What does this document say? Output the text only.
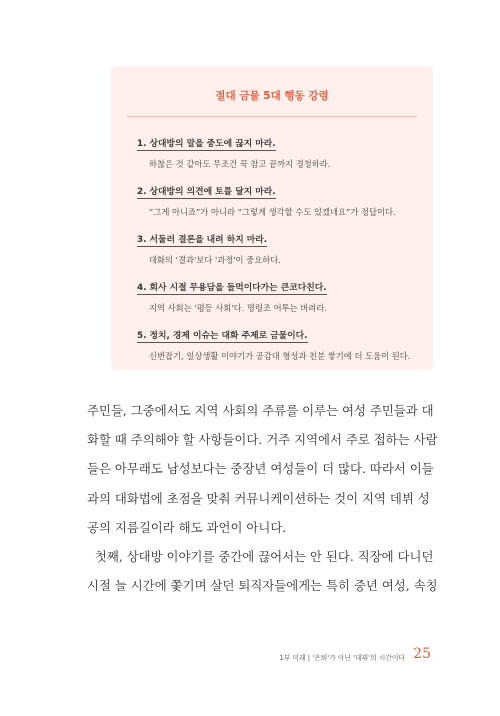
절대 금물 5대 행동 강령
1. 상대방의 말을 중도에 끊지 마라.
하찮은 것 같아도 무조건 꾹 참고 끝까지 경청하라.
2. 상대방의 의견에 토를 달지 마라.
“그게 아니죠”가 아니라 “그렇게 생각할 수도 있겠네요”가 정답이다.
3. 서둘러 결론을 내려 하지 마라.
대화의 '결과'보다 '과정'이 중요하다.
4. 회사 시절 무용담을 들먹이다가는 큰코다친다.
지역 사회는 '평등 사회'다. 명령조 어투는 버려라.
5. 정치, 경제 이슈는 대화 주제로 금물이다.
신변잡기, 일상생활 이야기가 공감대 형성과 친분 쌓기에 더 도움이 된다.
주민들, 그중에서도 지역 사회의 주류를 이루는 여성 주민들과 대
화할 때 주의해야 할 사항들이다. 거주 지역에서 주로 접하는 사람
들은 아무래도 남성보다는 중장년 여성들이 더 많다. 따라서 이들
과의 대화법에 초점을 맞춰 커뮤니케이션하는 것이 지역 데뷔 성
공의 지름길이라 해도 과언이 아니다.
첫째, 상대방 이야기를 중간에 끊어서는 안 된다. 직장에 다니던
시절 늘 시간에 쫓기며 살던 퇴직자들에게는 특히 중년 여성, 속칭
1부 미래 | '은퇴'가 아닌 '데뷔'의 시간이다 25
